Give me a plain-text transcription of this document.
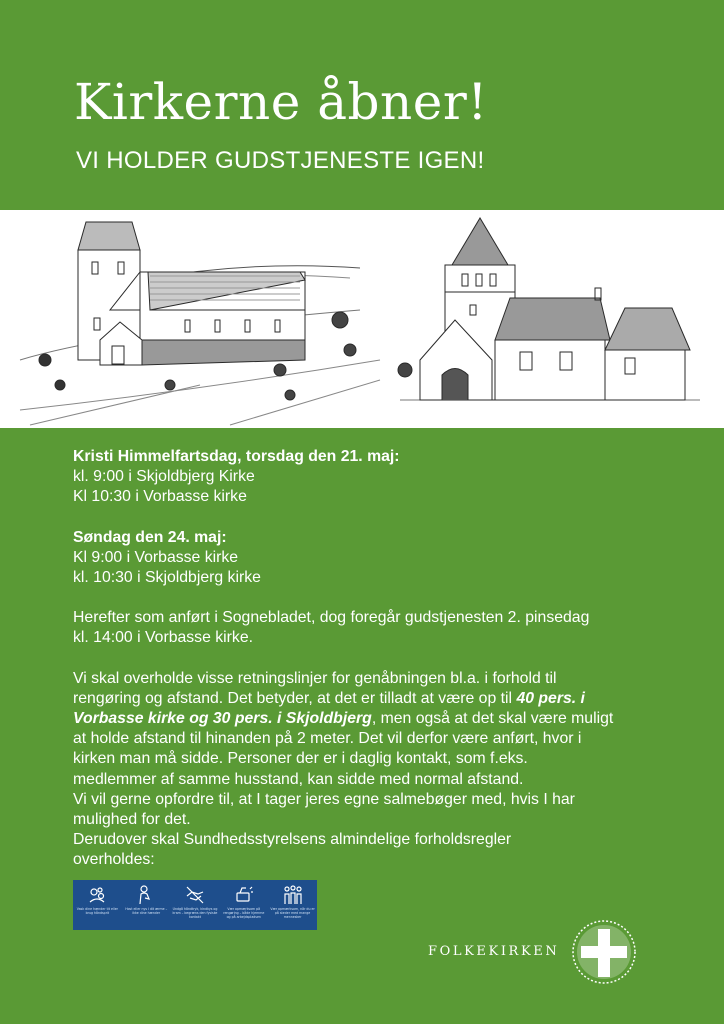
Kirkerne åbner!
VI HOLDER GUDSTJENESTE IGEN!

Kristi Himmelfartsdag, torsdag den 21. maj:

kl. 9:00 i Skjoldbjerg Kirke

Kl 10:30 i Vorbasse kirke

Søndag den 24. maj:

Kl 9:00 i Vorbasse kirke

kl. 10:30 i Skjoldbjerg kirke

Herefter som anført i Sognebladet, dog foregår gudstjenesten 2. pinsedag

kl. 14:00 i Vorbasse kirke.

Vi skal overholde visse retningslinjer for genåbningen bl.a. i forhold til

rengøring og afstand. Det betyder, at det er tilladt at være op til 40 pers. i

Vorbasse kirke og 30 pers. i Skjoldbjerg, men også at det skal være muligt

at holde afstand til hinanden på 2 meter. Det vil derfor være anført, hvor i

kirken man må sidde. Personer der er i daglig kontakt, som f.eks.

medlemmer af samme husstand, kan sidde med normal afstand.

Vi vil gerne opfordre til, at I tager jeres egne salmebøger med, hvis I har

mulighed for det.

Derudover skal Sundhedsstyrelsens almindelige forholdsregler

overholdes:

Vask dine hænder tit eller brug håndsprit
Host eller nys i dit ærme – ikke dine hænder
Undgå håndtryk, kindkys og kram – begræns den fysiske kontakt
Vær opmærksom på rengøring – både hjemme og på arbejdspladsen
Vær opmærksom, når du er på steder med mange mennesker
FOLKEKIRKEN
